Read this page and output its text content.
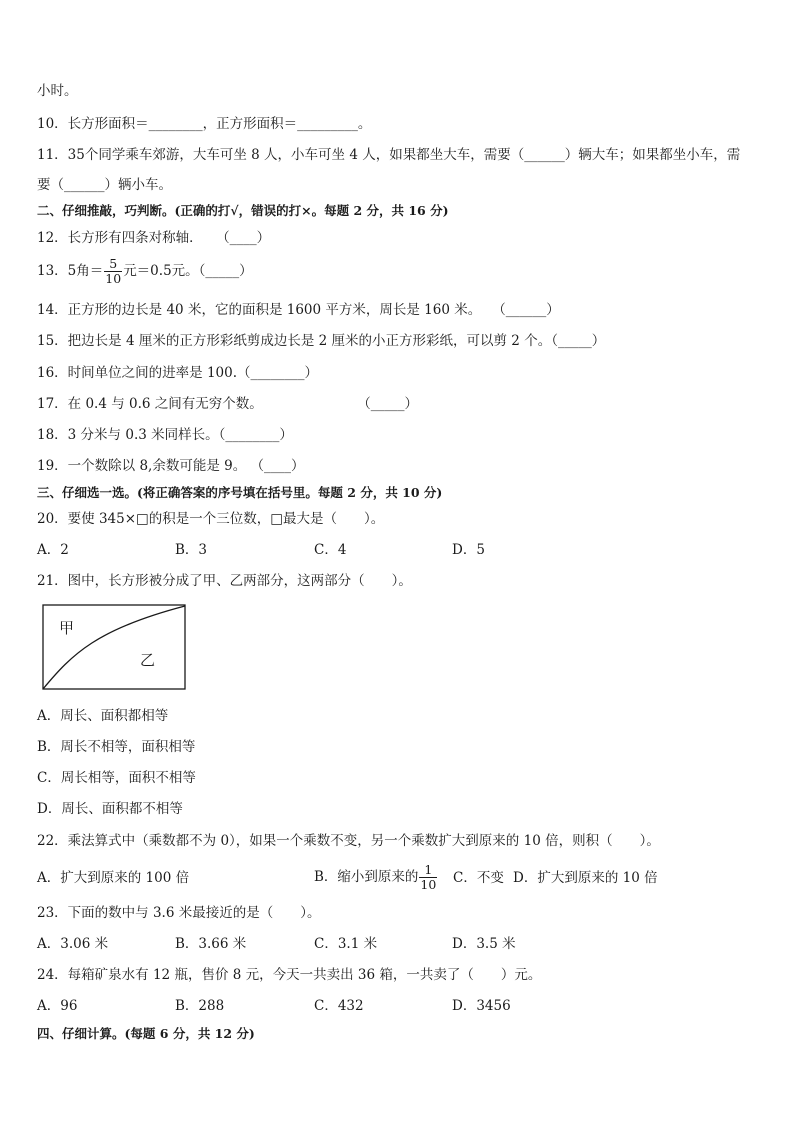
小时。
10．长方形面积＝________，正方形面积＝_________。
11．35个同学乘车郊游，大车可坐 8 人，小车可坐 4 人，如果都坐大车，需要（______）辆大车；如果都坐小车，需
要（______）辆小车。
二、仔细推敲，巧判断。(正确的打√，错误的打×。每题 2 分，共 16 分)
12．长方形有四条对称轴．　　（____）
13．5角＝ $\frac{5}{10}$ 元＝0.5元。（_____）
14．正方形的边长是 40 米，它的面积是 1600 平方米，周长是 160 米。　 （______）
15．把边长是 4 厘米的正方形彩纸剪成边长是 2 厘米的小正方形彩纸，可以剪 2 个。（_____）
16．时间单位之间的进率是 100.（________）
17．在 0.4 与 0.6 之间有无穷个数。　　　　　　　　（_____）
18．3 分米与 0.3 米同样长。（________）
19．一个数除以 8,余数可能是 9。 （____）
三、仔细选一选。(将正确答案的序号填在括号里。每题 2 分，共 10 分)
20．要使 345×□的积是一个三位数，□最大是（　　）。
A．2	B．3	C．4	D．5
21．图中，长方形被分成了甲、乙两部分，这两部分（　　）。
甲
乙
A．周长、面积都相等
B．周长不相等，面积相等
C．周长相等，面积不相等
D．周长、面积都不相等
22．乘法算式中（乘数都不为 0），如果一个乘数不变，另一个乘数扩大到原来的 10 倍，则积（　　）。
A．扩大到原来的 100 倍	B．缩小到原来的 $\frac{1}{10}$ C．不变 D．扩大到原来的 10 倍
23．下面的数中与 3.6 米最接近的是（　　）。
A．3.06 米	B．3.66 米	C．3.1 米	D．3.5 米
24．每箱矿泉水有 12 瓶，售价 8 元，今天一共卖出 36 箱，一共卖了（　　）元。
A．96	B．288	C．432	D．3456
四、仔细计算。(每题 6 分，共 12 分)
